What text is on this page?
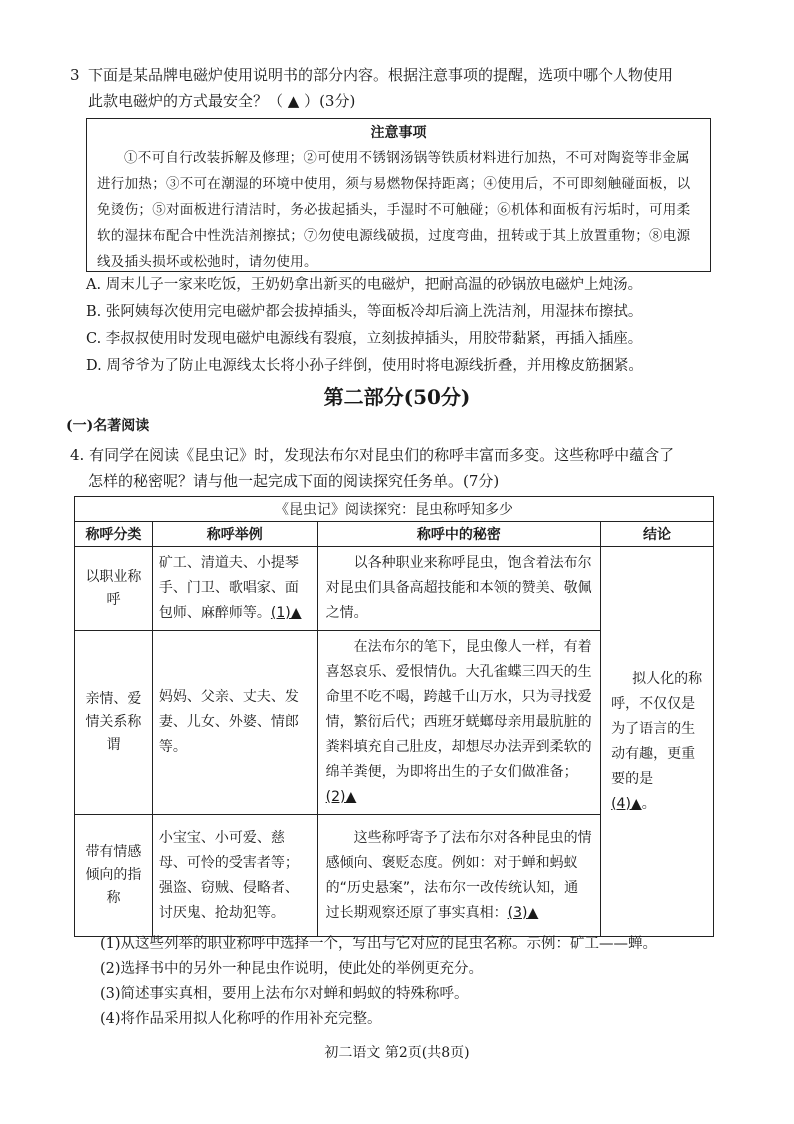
3 下面是某品牌电磁炉使用说明书的部分内容。根据注意事项的提醒，选项中哪个人物使用
此款电磁炉的方式最安全？（ ▲ ）(3分)
注意事项
①不可自行改装拆解及修理；②可使用不锈钢汤锅等铁质材料进行加热，不可对陶瓷等非金属进行加热；③不可在潮湿的环境中使用，须与易燃物保持距离；④使用后，不可即刻触碰面板，以免烫伤；⑤对面板进行清洁时，务必拔起插头，手湿时不可触碰；⑥机体和面板有污垢时，可用柔软的湿抹布配合中性洗洁剂擦拭；⑦勿使电源线破损，过度弯曲，扭转或于其上放置重物；⑧电源线及插头损坏或松弛时，请勿使用。
A. 周末儿子一家来吃饭，王奶奶拿出新买的电磁炉，把耐高温的砂锅放电磁炉上炖汤。
B. 张阿姨每次使用完电磁炉都会拔掉插头，等面板冷却后滴上洗洁剂，用湿抹布擦拭。
C. 李叔叔使用时发现电磁炉电源线有裂痕，立刻拔掉插头，用胶带黏紧，再插入插座。
D. 周爷爷为了防止电源线太长将小孙子绊倒，使用时将电源线折叠，并用橡皮筋捆紧。
第二部分(50分)
(一)名著阅读
4. 有同学在阅读《昆虫记》时，发现法布尔对昆虫们的称呼丰富而多变。这些称呼中蕴含了
怎样的秘密呢？请与他一起完成下面的阅读探究任务单。(7分)
《昆虫记》阅读探究：昆虫称呼知多少			
称呼分类	称呼举例	称呼中的秘密	结论
以职业称呼	矿工、清道夫、小提琴手、门卫、歌唱家、面包师、麻醉师等。(1)▲	以各种职业来称呼昆虫，饱含着法布尔对昆虫们具备高超技能和本领的赞美、敬佩之情。	拟人化的称呼，不仅仅是为了语言的生动有趣，更重要的是
(4)▲。

亲情、爱情关系称谓	妈妈、父亲、丈夫、发妻、儿女、外婆、情郎等。	在法布尔的笔下，昆虫像人一样，有着喜怒哀乐、爱恨情仇。大孔雀蝶三四天的生命里不吃不喝，跨越千山万水，只为寻找爱情，繁衍后代；西班牙蜣螂母亲用最肮脏的粪料填充自己肚皮，却想尽办法弄到柔软的绵羊粪便，为即将出生的子女们做准备；(2)▲	

带有情感倾向的指称	小宝宝、小可爱、慈母、可怜的受害者等；强盗、窃贼、侵略者、讨厌鬼、抢劫犯等。	这些称呼寄予了法布尔对各种昆虫的情感倾向、褒贬态度。例如：对于蝉和蚂蚁的“历史悬案”，法布尔一改传统认知，通过长期观察还原了事实真相：(3)▲	

(1)从这些列举的职业称呼中选择一个，写出与它对应的昆虫名称。示例：矿工——蝉。
(2)选择书中的另外一种昆虫作说明，使此处的举例更充分。
(3)简述事实真相，要用上法布尔对蝉和蚂蚁的特殊称呼。
(4)将作品采用拟人化称呼的作用补充完整。
初二语文 第2页(共8页)
